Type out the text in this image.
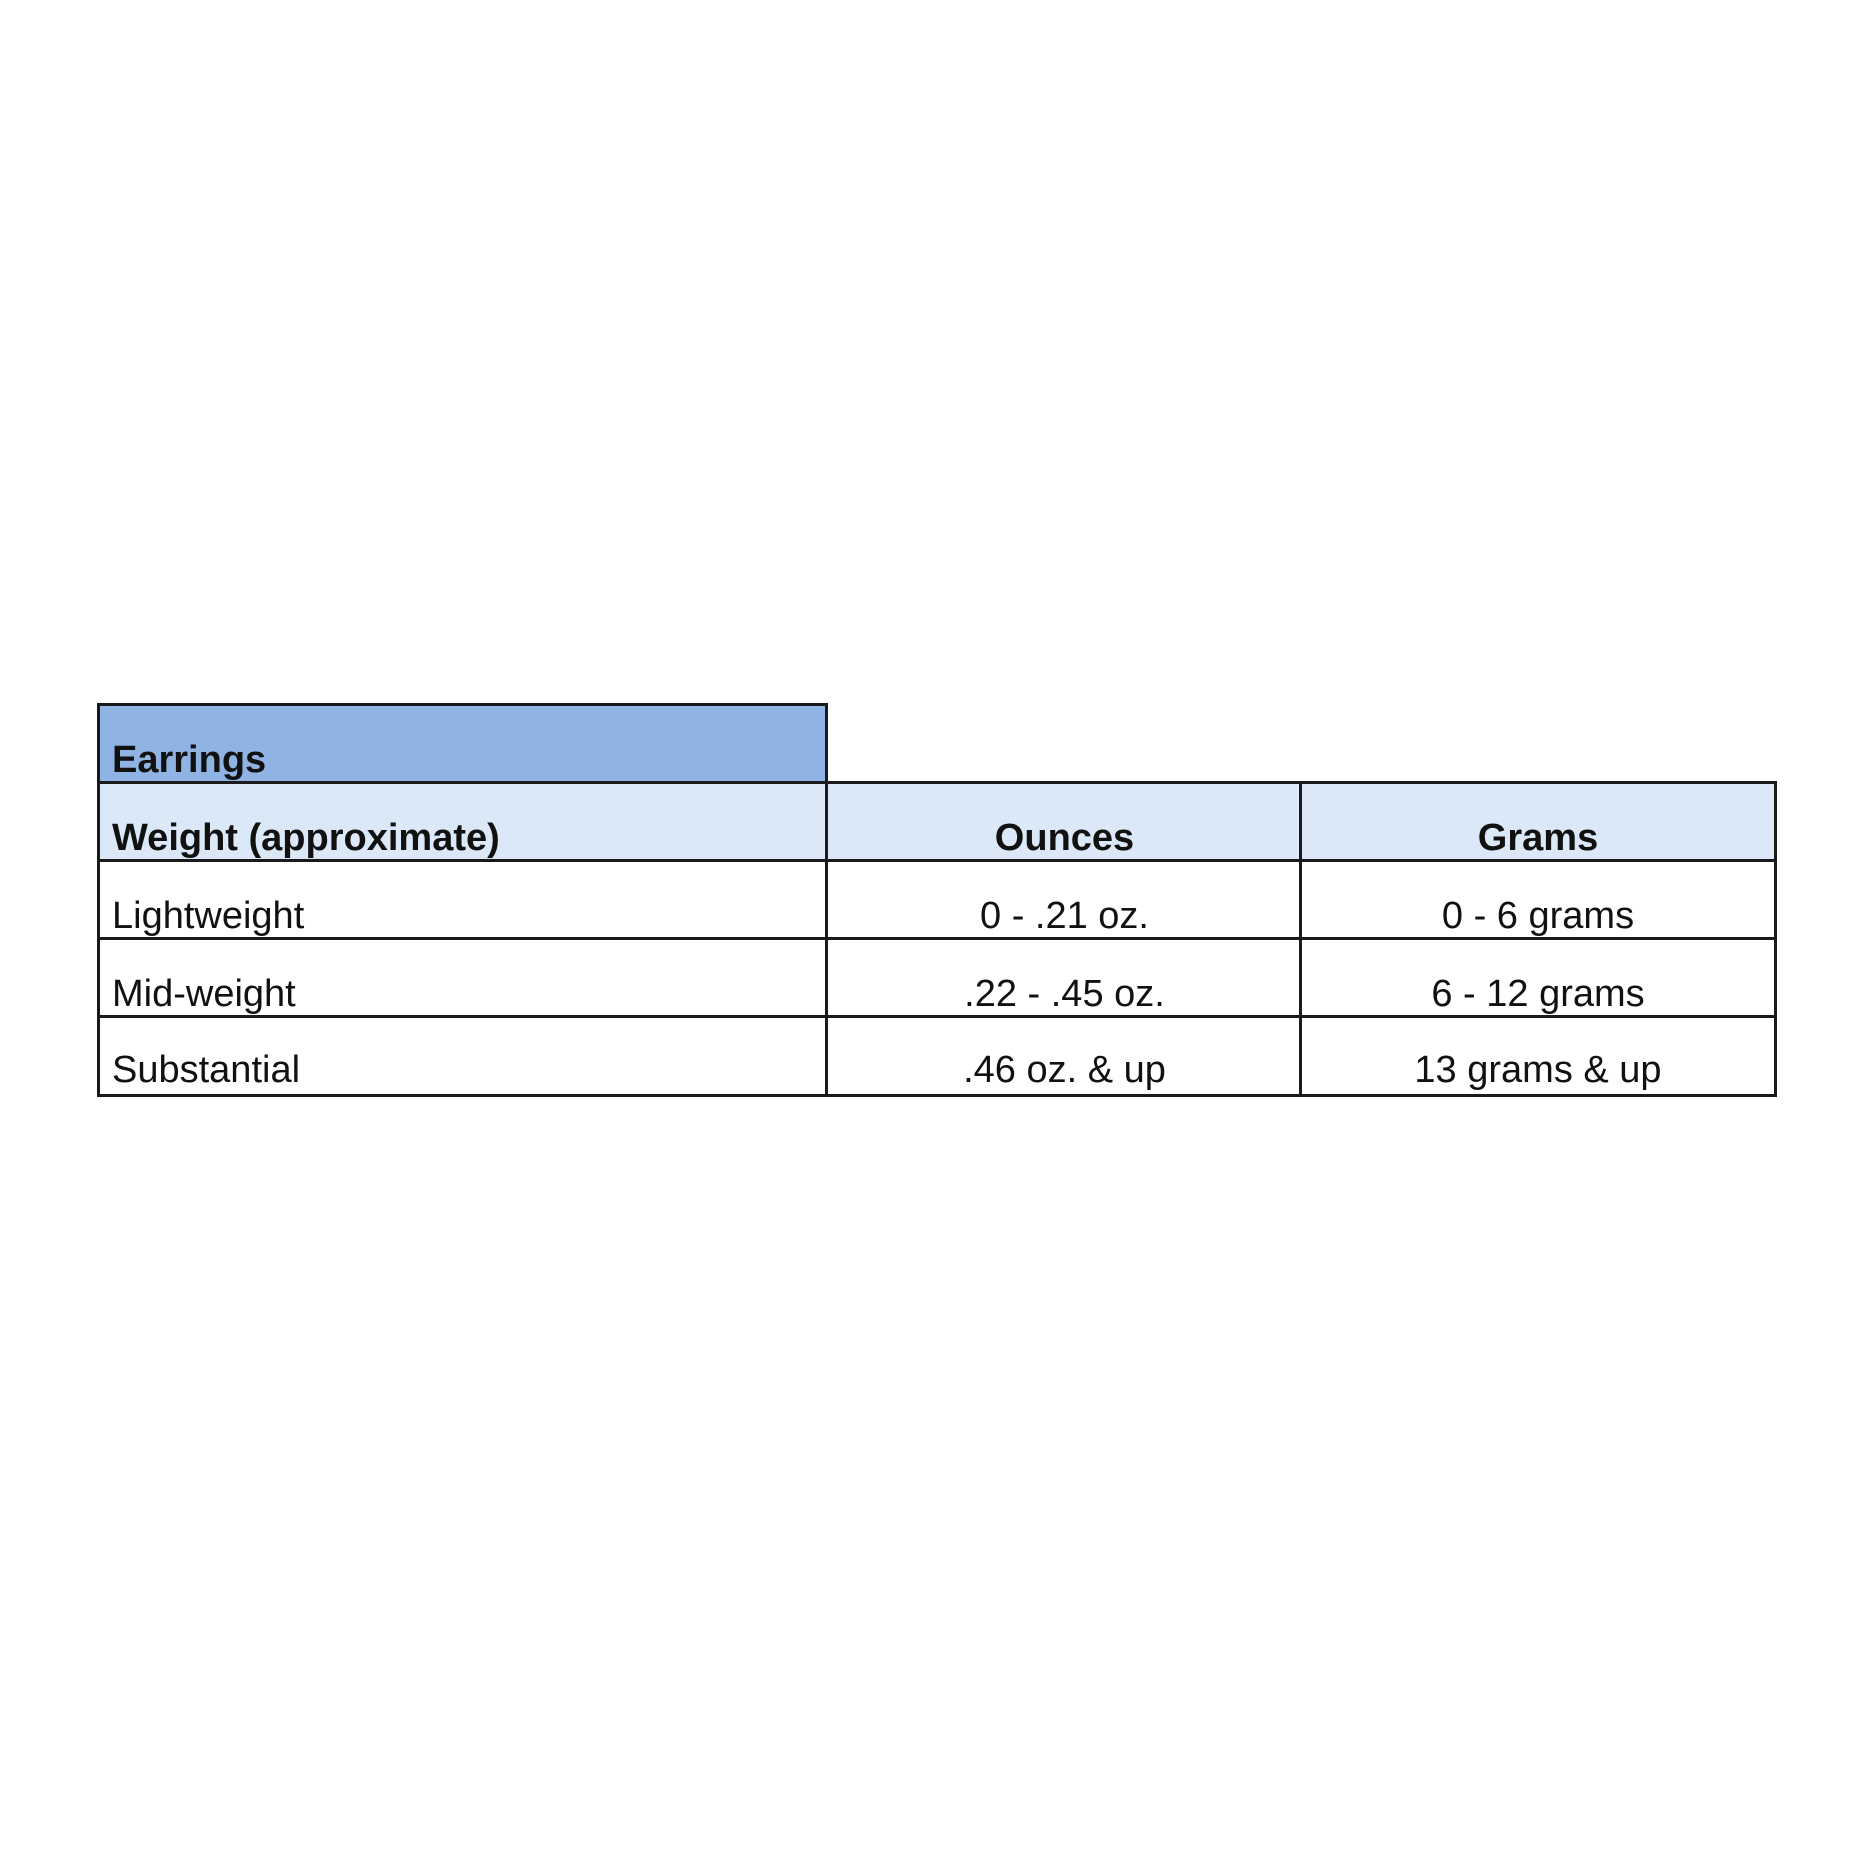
Earrings
Weight (approximate)	Ounces	Grams
Lightweight	0 - .21 oz.	0 - 6 grams
Mid-weight	.22 - .45 oz.	6 - 12 grams
Substantial	.46 oz. & up	13 grams & up
